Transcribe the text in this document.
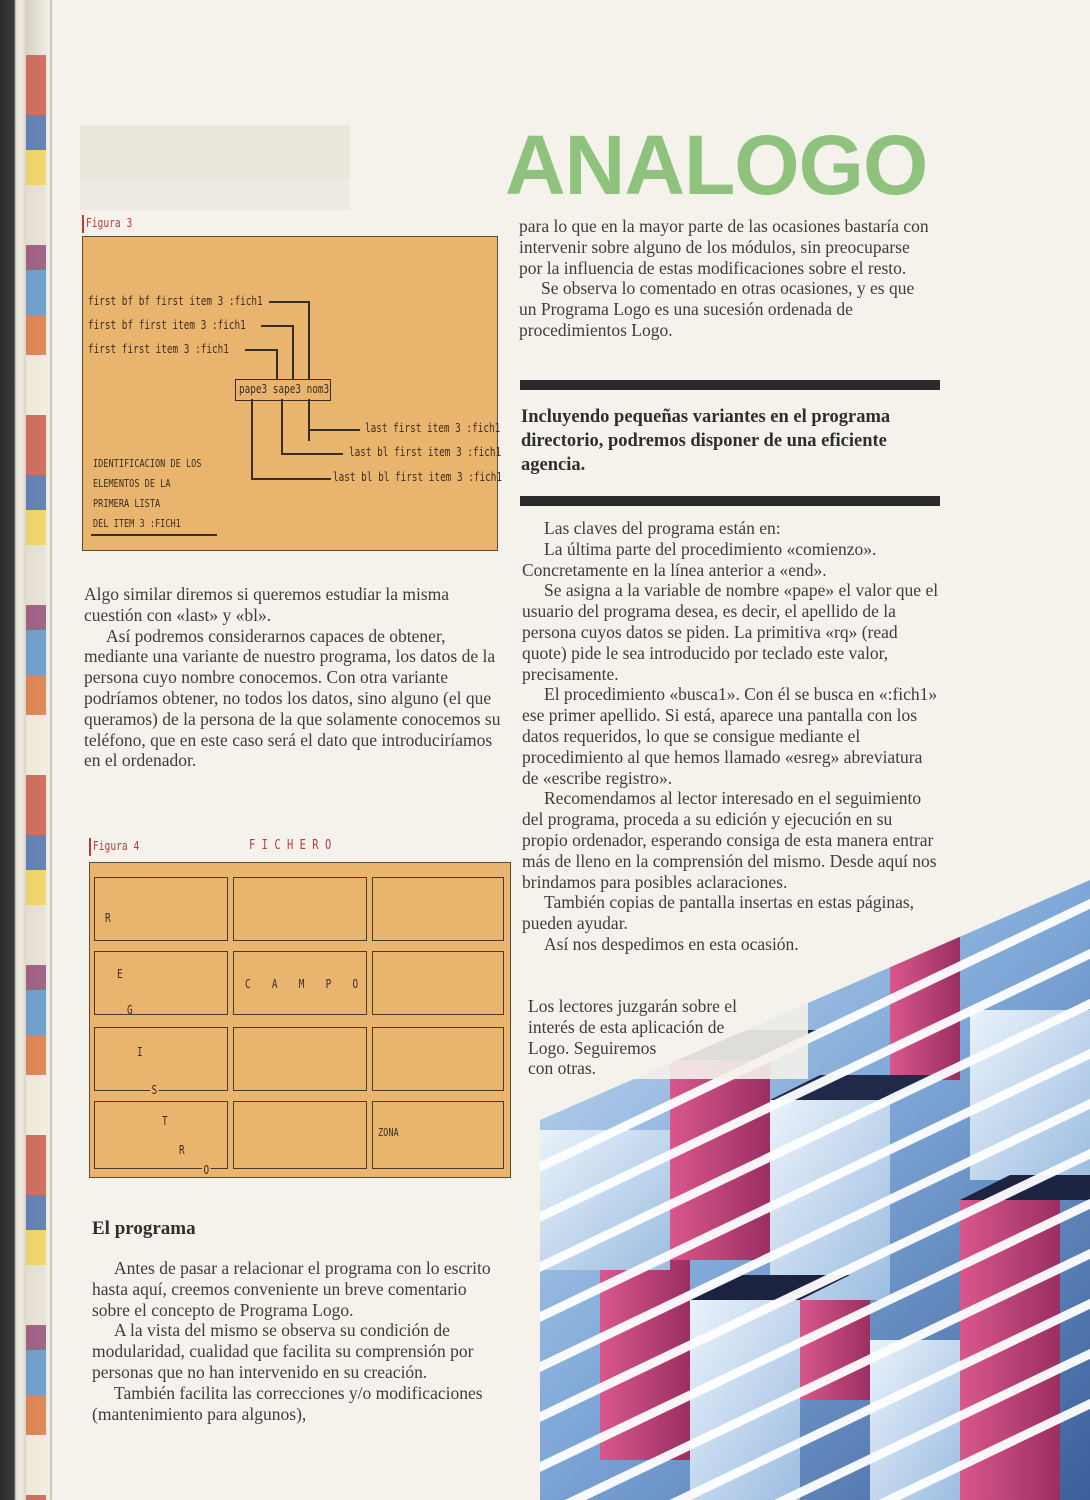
ANALOGO
Figura 3
first bf bf first item 3 :fich1
first bf first item 3 :fich1
first first item 3 :fich1
pape3 sape3 nom3
last first item 3 :fich1
last bl first item 3 :fich1
last bl bl first item 3 :fich1
IDENTIFICACION DE LOS
ELEMENTOS DE LA
PRIMERA LISTA
DEL ITEM 3 :FICH1

Algo similar diremos si queremos estudiar la misma cuestión con «last» y «bl».

Así podremos considerarnos capaces de obtener, mediante una variante de nuestro programa, los datos de la persona cuyo nombre conocemos. Con otra variante podríamos obtener, no todos los datos, sino alguno (el que queramos) de la persona de la que solamente conocemos su teléfono, que en este caso será el dato que introduciríamos en el ordenador.

Figura 4	FICHERO
R
E
G
I
S
T
R
O
C A M P O
ZONA
El programa

Antes de pasar a relacionar el programa con lo escrito hasta aquí, creemos conveniente un breve comentario sobre el concepto de Programa Logo.

A la vista del mismo se observa su condición de modularidad, cualidad que facilita su comprensión por personas que no han intervenido en su creación.

También facilita las correcciones y/o modificaciones (mantenimiento para algunos),

para lo que en la mayor parte de las ocasiones bastaría con intervenir sobre alguno de los módulos, sin preocuparse por la influencia de estas modificaciones sobre el resto.

Se observa lo comentado en otras ocasiones, y es que un Programa Logo es una sucesión ordenada de procedimientos Logo.

Incluyendo pequeñas variantes en el programa directorio, podremos disponer de una eficiente agencia.

Las claves del programa están en:

La última parte del procedimiento «comienzo». Concretamente en la línea anterior a «end».

Se asigna a la variable de nombre «pape» el valor que el usuario del programa desea, es decir, el apellido de la persona cuyos datos se piden. La primitiva «rq» (read quote) pide le sea introducido por teclado este valor, precisamente.

El procedimiento «busca1». Con él se busca en «:fich1» ese primer apellido. Si está, aparece una pantalla con los datos requeridos, lo que se consigue mediante el procedimiento al que hemos llamado «esreg» abreviatura de «escribe registro».

Recomendamos al lector interesado en el seguimiento del programa, proceda a su edición y ejecución en su propio ordenador, esperando consiga de esta manera entrar más de lleno en la comprensión del mismo. Desde aquí nos brindamos para posibles aclaraciones.

También copias de pantalla insertas en estas páginas, pueden ayudar.

Así nos despedimos en esta ocasión.

Los lectores juzgarán sobre el

interés de esta aplicación de

Logo. Seguiremos

con otras.
